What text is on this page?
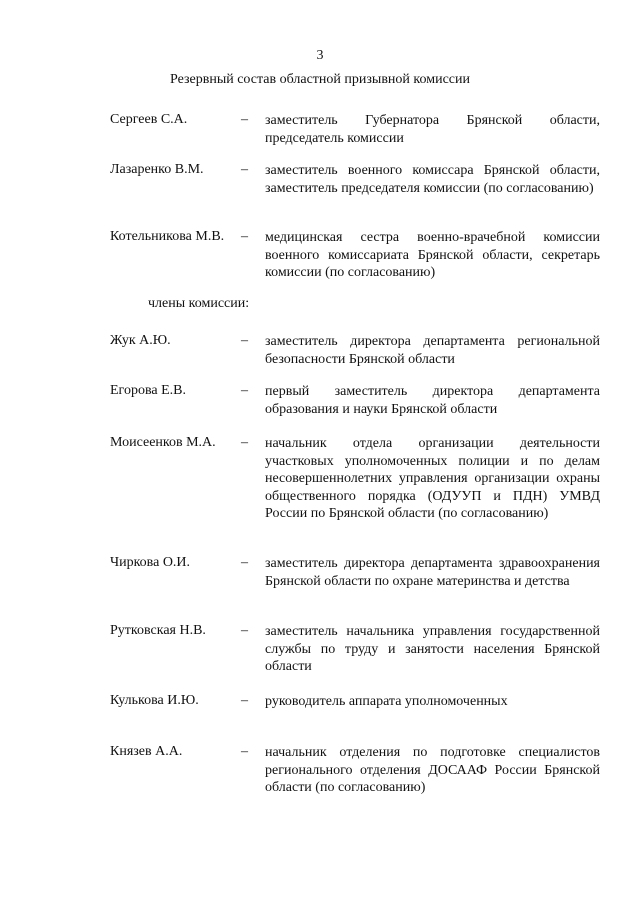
3
Резервный состав областной призывной комиссии
Сергеев С.А.	– заместитель Губернатора Брянской области, председатель комиссии
Лазаренко В.М.	– заместитель военного комиссара Брянской области, заместитель председателя комиссии (по согласованию)
Котельникова М.В. – медицинская сестра военно-врачебной комиссии военного комиссариата Брянской области, секретарь комиссии (по согласованию)
члены комиссии:
Жук А.Ю.	– заместитель директора департамента региональной безопасности Брянской области
Егорова Е.В.	– первый заместитель директора департамента образования и науки Брянской области
Моисеенков М.А. – начальник отдела организации деятельности участковых уполномоченных полиции и по делам несовершеннолетних управления организации охраны общественного порядка (ОДУУП и ПДН) УМВД России по Брянской области (по согласованию)
Чиркова О.И.	– заместитель директора департамента здравоохранения Брянской области по охране материнства и детства
Рутковская Н.В.	– заместитель начальника управления государственной службы по труду и занятости населения Брянской области
Кулькова И.Ю.	– руководитель аппарата уполномоченных
Князев А.А.	– начальник отделения по подготовке специалистов регионального отделения ДОСААФ России Брянской области (по согласованию)
